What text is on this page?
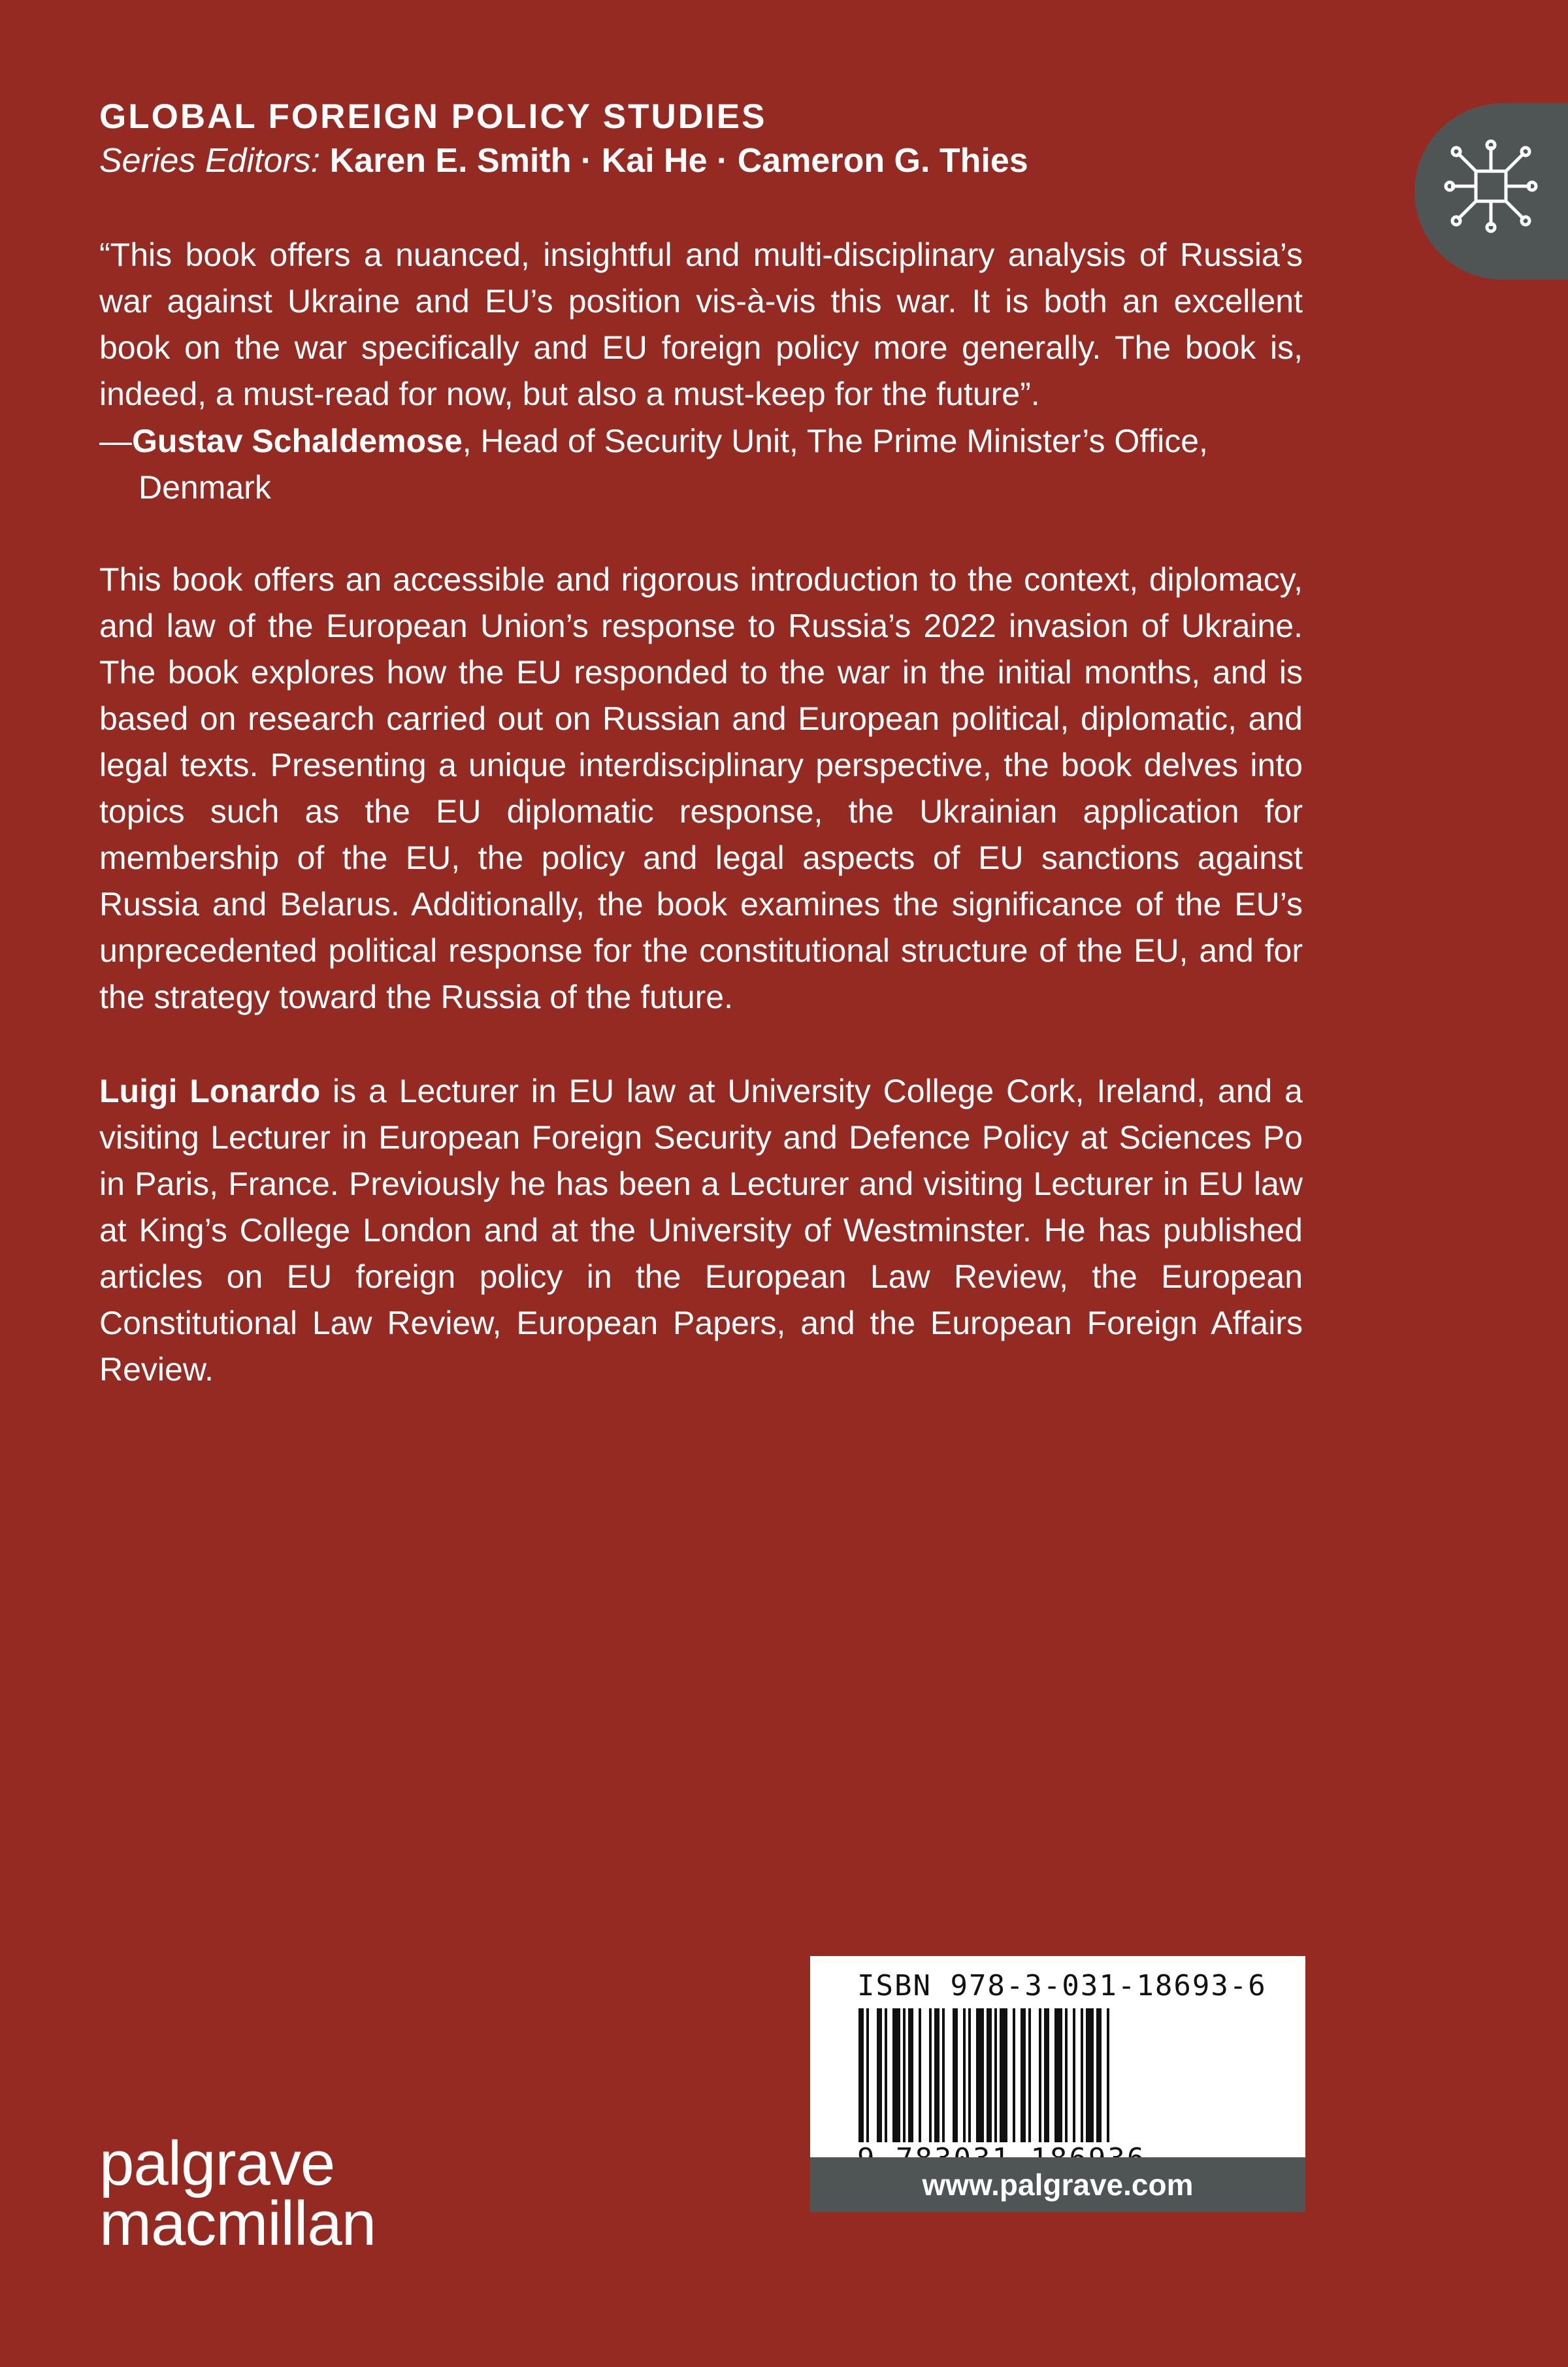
GLOBAL FOREIGN POLICY STUDIES
Series Editors: Karen E. Smith · Kai He · Cameron G. Thies
“This book offers a nuanced, insightful and multi-disciplinary analysis of Russia’s war against Ukraine and EU’s position vis-à-vis this war. It is both an excellent book on the war specifically and EU foreign policy more generally. The book is, indeed, a must-read for now, but also a must-keep for the future”.
—Gustav Schaldemose, Head of Security Unit, The Prime Minister’s Office, Denmark
This book offers an accessible and rigorous introduction to the context, diplomacy, and law of the European Union’s response to Russia’s 2022 invasion of Ukraine. The book explores how the EU responded to the war in the initial months, and is based on research carried out on Russian and European political, diplomatic, and legal texts. Presenting a unique interdisciplinary perspective, the book delves into topics such as the EU diplomatic response, the Ukrainian application for membership of the EU, the policy and legal aspects of EU sanctions against Russia and Belarus. Additionally, the book examines the significance of the EU’s unprecedented political response for the constitutional structure of the EU, and for the strategy toward the Russia of the future.
Luigi Lonardo is a Lecturer in EU law at University College Cork, Ireland, and a visiting Lecturer in European Foreign Security and Defence Policy at Sciences Po in Paris, France. Previously he has been a Lecturer and visiting Lecturer in EU law at King’s College London and at the University of Westminster. He has published articles on EU foreign policy in the European Law Review, the European Constitutional Law Review, European Papers, and the European Foreign Affairs Review.
ISBN 978-3-031-18693-6
www.palgrave.com
palgrave
macmillan
